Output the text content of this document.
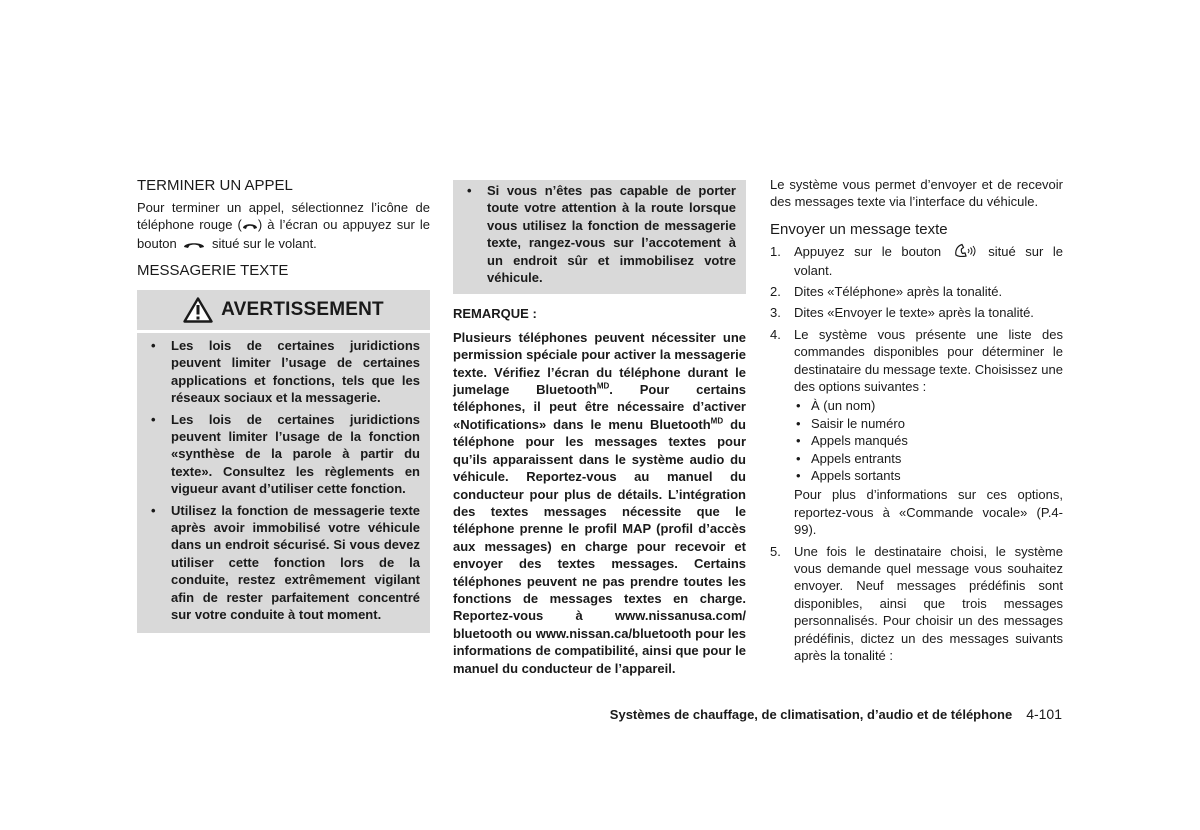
TERMINER UN APPEL

Pour terminer un appel, sélectionnez l’icône de téléphone rouge ( ) à l’écran ou appuyez sur le bouton	situé sur le volant.

MESSAGERIE TEXTE
AVERTISSEMENT
• Les lois de certaines juridictions peuvent limiter l’usage de certaines applications et fonctions, tels que les réseaux sociaux et la messagerie.
• Les lois de certaines juridictions peuvent limiter l’usage de la fonction «synthèse de la parole à partir du texte». Consultez les règlements en vigueur avant d’utiliser cette fonction.
• Utilisez la fonction de messagerie texte après avoir immobilisé votre véhicule dans un endroit sécurisé. Si vous devez utiliser cette fonction lors de la conduite, restez extrêmement vigilant afin de rester parfaitement concentré sur votre conduite à tout moment.
• Si vous n’êtes pas capable de porter toute votre attention à la route lorsque vous utilisez la fonction de messagerie texte, rangez-vous sur l’accotement à un endroit sûr et immobilisez votre véhicule.
REMARQUE :

Plusieurs téléphones peuvent nécessiter une permission spéciale pour activer la messagerie texte. Vérifiez l’écran du téléphone durant le jumelage Bluetooth$^{MD}$. Pour certains téléphones, il peut être nécessaire d’activer «Notifications» dans le menu Bluetooth$^{MD}$ du téléphone pour les messages textes pour qu’ils apparaissent dans le système audio du véhicule. Reportez-vous au manuel du conducteur pour plus de détails. L’intégration des textes messages nécessite que le téléphone prenne le profil MAP (profil d’accès aux messages) en charge pour recevoir et envoyer des textes messages. Certains téléphones peuvent ne pas prendre toutes les fonctions de messages textes en charge. Reportez-vous à www.nissanusa.com/ bluetooth ou www.nissan.ca/bluetooth pour les informations de compatibilité, ainsi que pour le manuel du conducteur de l’appareil.

Le système vous permet d’envoyer et de recevoir des messages texte via l’interface du véhicule.

Envoyer un message texte
1. Appuyez sur le bouton	situé sur le volant.
2. Dites «Téléphone» après la tonalité.
3. Dites «Envoyer le texte» après la tonalité.
4. Le système vous présente une liste des commandes disponibles pour déterminer le destinataire du message texte. Choisissez une des options suivantes :
• À (un nom)
• Saisir le numéro
• Appels manqués
• Appels entrants
• Appels sortants
Pour plus d’informations sur ces options, reportez-vous à «Commande vocale» (P.4-99).
5. Une fois le destinataire choisi, le système vous demande quel message vous souhaitez envoyer. Neuf messages prédéfinis sont disponibles, ainsi que trois messages personnalisés. Pour choisir un des messages prédéfinis, dictez un des messages suivants après la tonalité :
Systèmes de chauffage, de climatisation, d’audio et de téléphone 4-101
